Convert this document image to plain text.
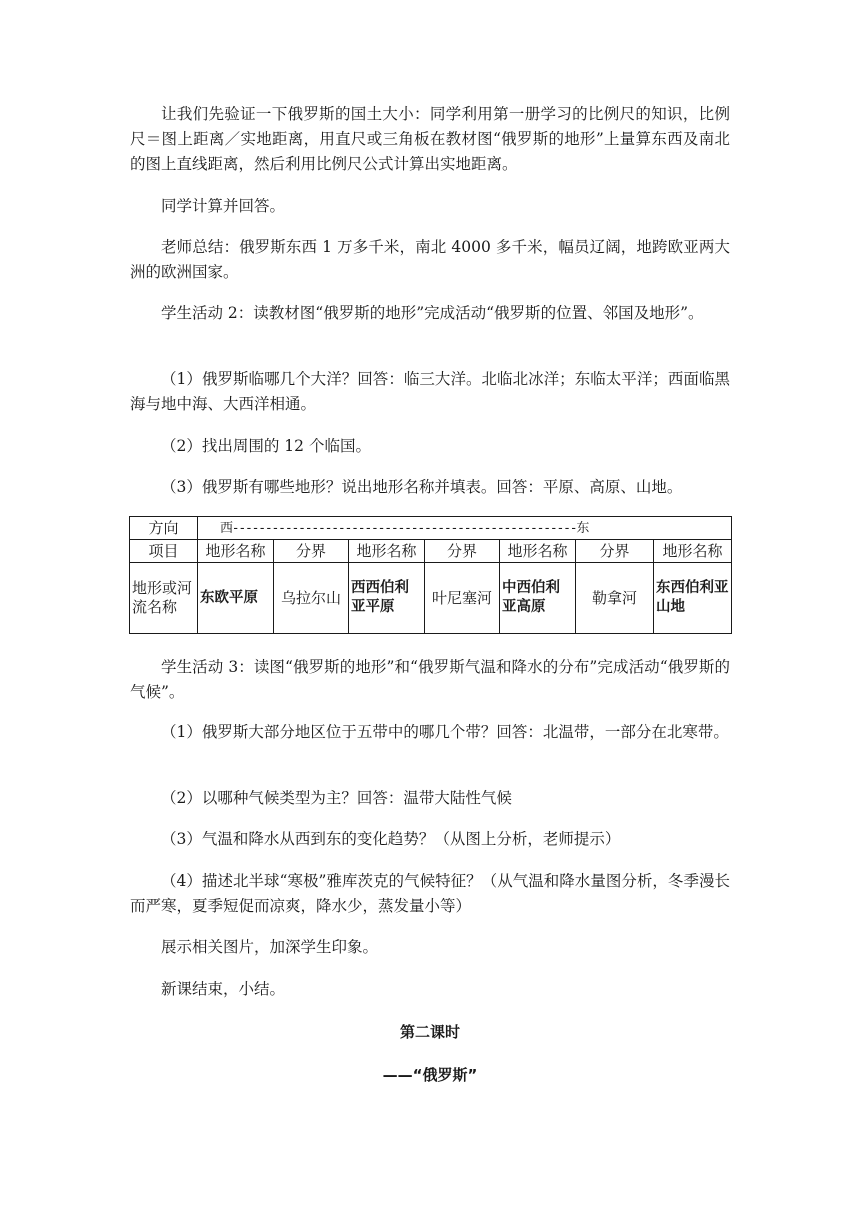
让我们先验证一下俄罗斯的国土大小：同学利用第一册学习的比例尺的知识，比例尺＝图上距离／实地距离，用直尺或三角板在教材图“俄罗斯的地形”上量算东西及南北的图上直线距离，然后利用比例尺公式计算出实地距离。

同学计算并回答。

老师总结：俄罗斯东西 1 万多千米，南北 4000 多千米，幅员辽阔，地跨欧亚两大洲的欧洲国家。

学生活动 2：读教材图“俄罗斯的地形”完成活动“俄罗斯的位置、邻国及地形”。

（1）俄罗斯临哪几个大洋？回答：临三大洋。北临北冰洋；东临太平洋；西面临黑海与地中海、大西洋相通。

（2）找出周围的 12 个临国。

（3）俄罗斯有哪些地形？说出地形名称并填表。回答：平原、高原、山地。

方向	西----------------------------------------------------东						
项目	地形名称	分界	地形名称	分界	地形名称	分界	地形名称
地形或河流名称	东欧平原	乌拉尔山	西西伯利亚平原	叶尼塞河	中西伯利亚高原	勒拿河	东西伯利亚山地

学生活动 3：读图“俄罗斯的地形”和“俄罗斯气温和降水的分布”完成活动“俄罗斯的气候”。

（1）俄罗斯大部分地区位于五带中的哪几个带？回答：北温带，一部分在北寒带。

（2）以哪种气候类型为主？回答：温带大陆性气候

（3）气温和降水从西到东的变化趋势？（从图上分析，老师提示）

（4）描述北半球“寒极”雅库茨克的气候特征？（从气温和降水量图分析，冬季漫长而严寒，夏季短促而凉爽，降水少，蒸发量小等）

展示相关图片，加深学生印象。

新课结束，小结。

第二课时
——“俄罗斯”
